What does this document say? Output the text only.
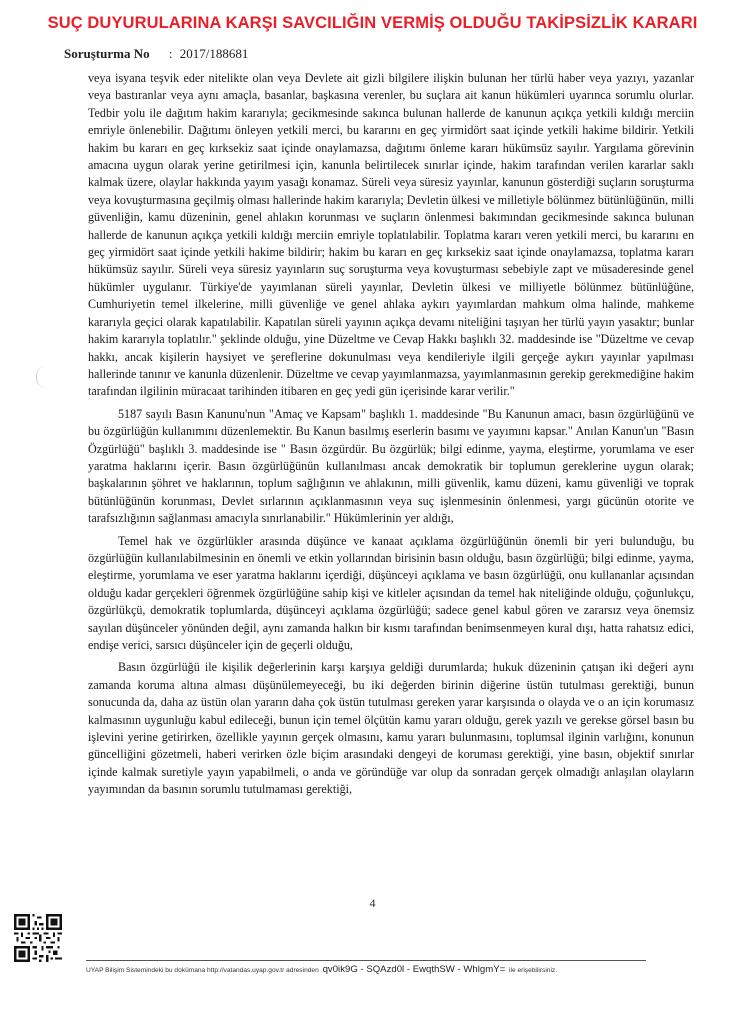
SUÇ DUYURULARINA KARŞI SAVCILIĞIN VERMİŞ OLDUĞU TAKİPSİZLİK KARARI
Soruşturma No : 2017/188681

veya isyana teşvik eder nitelikte olan veya Devlete ait gizli bilgilere ilişkin bulunan her türlü haber veya yazıyı, yazanlar veya bastıranlar veya aynı amaçla, basanlar, başkasına verenler, bu suçlara ait kanun hükümleri uyarınca sorumlu olurlar. Tedbir yolu ile dağıtım hakim kararıyla; gecikmesinde sakınca bulunan hallerde de kanunun açıkça yetkili kıldığı merciin emriyle önlenebilir. Dağıtımı önleyen yetkili merci, bu kararını en geç yirmidört saat içinde yetkili hakime bildirir. Yetkili hakim bu kararı en geç kırksekiz saat içinde onaylamazsa, dağıtımı önleme kararı hükümsüz sayılır. Yargılama görevinin amacına uygun olarak yerine getirilmesi için, kanunla belirtilecek sınırlar içinde, hakim tarafından verilen kararlar saklı kalmak üzere, olaylar hakkında yayım yasağı konamaz. Süreli veya süresiz yayınlar, kanunun gösterdiği suçların soruşturma veya kovuşturmasına geçilmiş olması hallerinde hakim kararıyla; Devletin ülkesi ve milletiyle bölünmez bütünlüğünün, milli güvenliğin, kamu düzeninin, genel ahlakın korunması ve suçların önlenmesi bakımından gecikmesinde sakınca bulunan hallerde de kanunun açıkça yetkili kıldığı merciin emriyle toplatılabilir. Toplatma kararı veren yetkili merci, bu kararını en geç yirmidört saat içinde yetkili hakime bildirir; hakim bu kararı en geç kırksekiz saat içinde onaylamazsa, toplatma kararı hükümsüz sayılır. Süreli veya süresiz yayınların suç soruşturma veya kovuşturması sebebiyle zapt ve müsaderesinde genel hükümler uygulanır. Türkiye'de yayımlanan süreli yayınlar, Devletin ülkesi ve milliyetle bölünmez bütünlüğüne, Cumhuriyetin temel ilkelerine, milli güvenliğe ve genel ahlaka aykırı yayımlardan mahkum olma halinde, mahkeme kararıyla geçici olarak kapatılabilir. Kapatılan süreli yayının açıkça devamı niteliğini taşıyan her türlü yayın yasaktır; bunlar hakim kararıyla toplatılır." şeklinde olduğu, yine Düzeltme ve Cevap Hakkı başlıklı 32. maddesinde ise "Düzeltme ve cevap hakkı, ancak kişilerin haysiyet ve şereflerine dokunulması veya kendileriyle ilgili gerçeğe aykırı yayınlar yapılması hallerinde tanınır ve kanunla düzenlenir. Düzeltme ve cevap yayımlanmazsa, yayımlanmasının gerekip gerekmediğine hakim tarafından ilgilinin müracaat tarihinden itibaren en geç yedi gün içerisinde karar verilir."

5187 sayılı Basın Kanunu'nun "Amaç ve Kapsam" başlıklı 1. maddesinde "Bu Kanunun amacı, basın özgürlüğünü ve bu özgürlüğün kullanımını düzenlemektir. Bu Kanun basılmış eserlerin basımı ve yayımını kapsar." Anılan Kanun'un "Basın Özgürlüğü" başlıklı 3. maddesinde ise " Basın özgürdür. Bu özgürlük; bilgi edinme, yayma, eleştirme, yorumlama ve eser yaratma haklarını içerir. Basın özgürlüğünün kullanılması ancak demokratik bir toplumun gereklerine uygun olarak; başkalarının şöhret ve haklarının, toplum sağlığının ve ahlakının, milli güvenlik, kamu düzeni, kamu güvenliği ve toprak bütünlüğünün korunması, Devlet sırlarının açıklanmasının veya suç işlenmesinin önlenmesi, yargı gücünün otorite ve tarafsızlığının sağlanması amacıyla sınırlanabilir." Hükümlerinin yer aldığı,

Temel hak ve özgürlükler arasında düşünce ve kanaat açıklama özgürlüğünün önemli bir yeri bulunduğu, bu özgürlüğün kullanılabilmesinin en önemli ve etkin yollarından birisinin basın olduğu, basın özgürlüğü; bilgi edinme, yayma, eleştirme, yorumlama ve eser yaratma haklarını içerdiği, düşünceyi açıklama ve basın özgürlüğü, onu kullananlar açısından olduğu kadar gerçekleri öğrenmek özgürlüğüne sahip kişi ve kitleler açısından da temel hak niteliğinde olduğu, çoğunlukçu, özgürlükçü, demokratik toplumlarda, düşünceyi açıklama özgürlüğü; sadece genel kabul gören ve zararsız veya önemsiz sayılan düşünceler yönünden değil, aynı zamanda halkın bir kısmı tarafından benimsenmeyen kural dışı, hatta rahatsız edici, endişe verici, sarsıcı düşünceler için de geçerli olduğu,

Basın özgürlüğü ile kişilik değerlerinin karşı karşıya geldiği durumlarda; hukuk düzeninin çatışan iki değeri aynı zamanda koruma altına alması düşünülemeyeceği, bu iki değerden birinin diğerine üstün tutulması gerektiği, bunun sonucunda da, daha az üstün olan yararın daha çok üstün tutulması gereken yarar karşısında o olayda ve o an için korumasız kalmasının uygunluğu kabul edileceği, bunun için temel ölçütün kamu yararı olduğu, gerek yazılı ve gerekse görsel basın bu işlevini yerine getirirken, özellikle yayının gerçek olmasını, kamu yararı bulunmasını, toplumsal ilginin varlığını, konunun güncelliğini gözetmeli, haberi verirken özle biçim arasındaki dengeyi de koruması gerektiği, yine basın, objektif sınırlar içinde kalmak suretiyle yayın yapabilmeli, o anda ve göründüğe var olup da sonradan gerçek olmadığı anlaşılan olayların yayımından da basının sorumlu tutulmaması gerektiği,

4
UYAP Bilişim Sistemindeki bu dokümana http://vatandas.uyap.gov.tr adresinden qv0ik9G - SQAzd0l - EwqthSW - WhlgmY= ile erişebilirsiniz.
